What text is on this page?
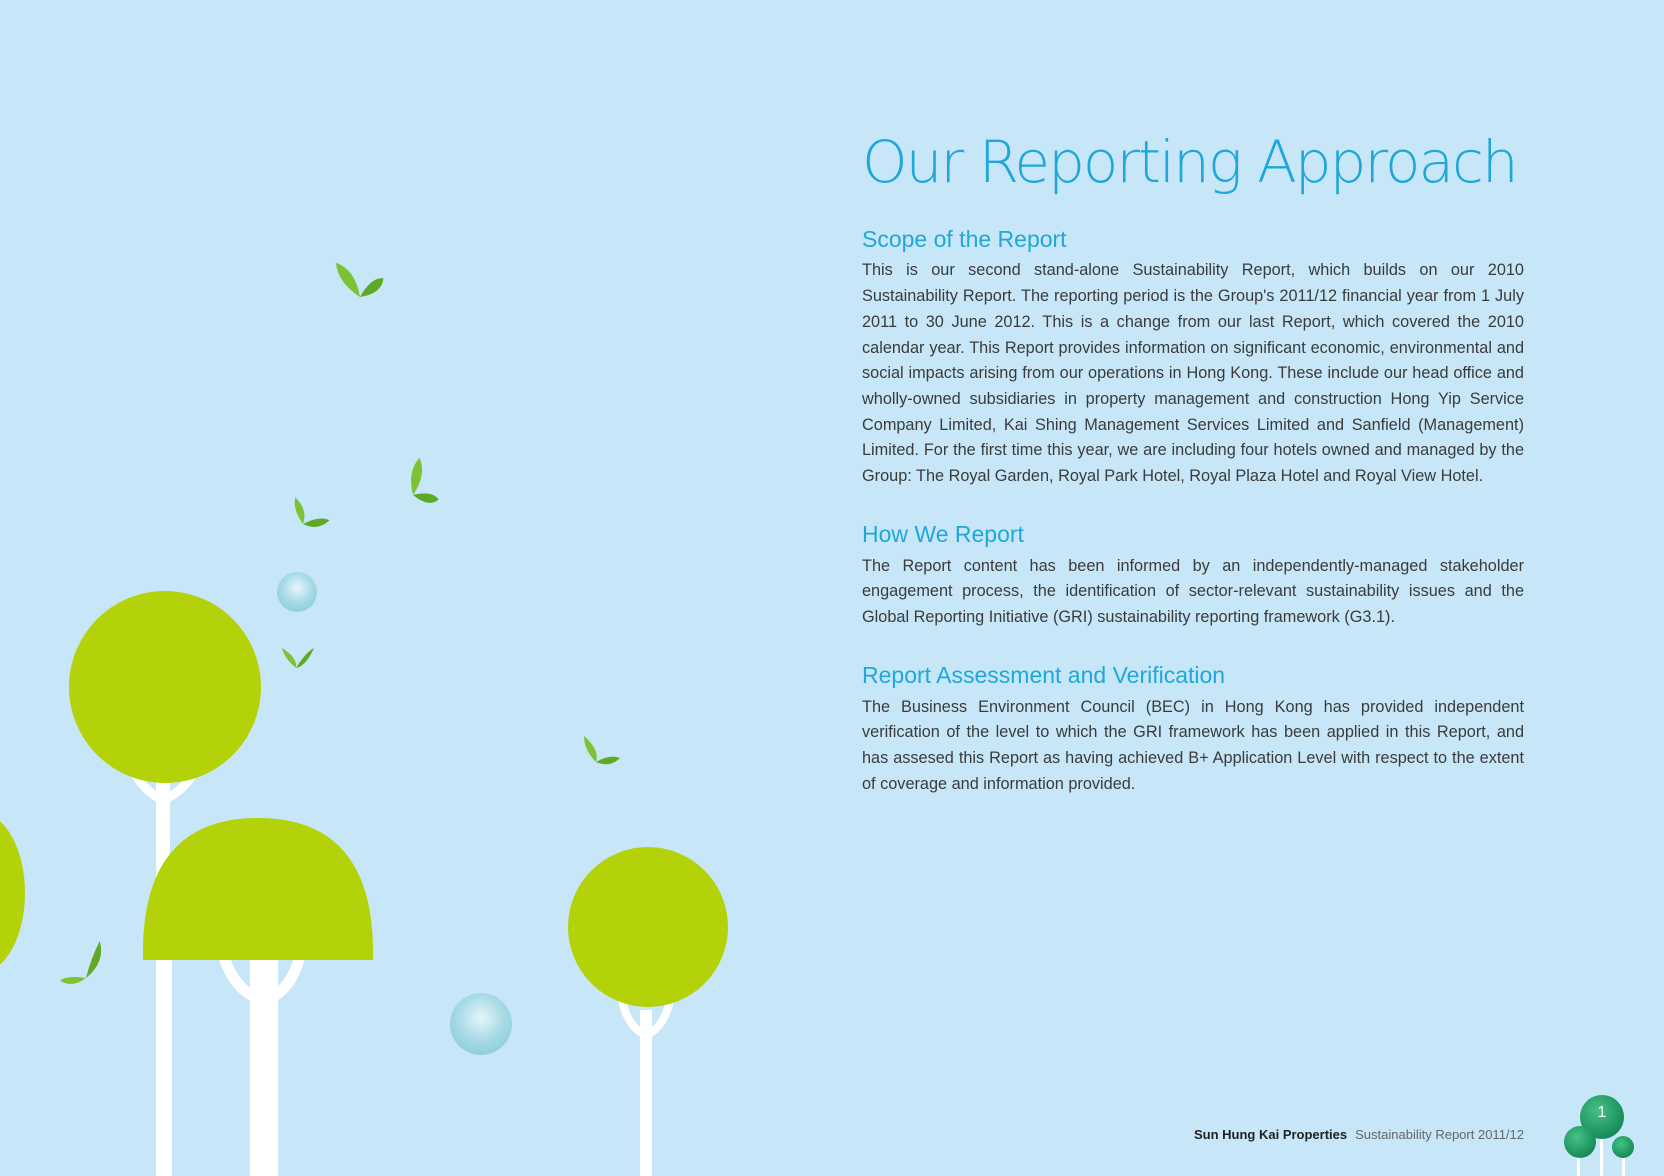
Our Reporting Approach
Scope of the Report

This is our second stand-alone Sustainability Report, which builds on our 2010 Sustainability Report. The reporting period is the Group's 2011/12 financial year from 1 July 2011 to 30 June 2012. This is a change from our last Report, which covered the 2010 calendar year. This Report provides information on significant economic, environmental and social impacts arising from our operations in Hong Kong. These include our head office and wholly-owned subsidiaries in property management and construction Hong Yip Service Company Limited, Kai Shing Management Services Limited and Sanfield (Management) Limited. For the first time this year, we are including four hotels owned and managed by the Group: The Royal Garden, Royal Park Hotel, Royal Plaza Hotel and Royal View Hotel.

How We Report

The Report content has been informed by an independently-managed stakeholder engagement process, the identification of sector-relevant sustainability issues and the Global Reporting Initiative (GRI) sustainability reporting framework (G3.1).

Report Assessment and Verification

The Business Environment Council (BEC) in Hong Kong has provided independent verification of the level to which the GRI framework has been applied in this Report, and has assesed this Report as having achieved B+ Application Level with respect to the extent of coverage and information provided.

Sun Hung Kai Properties Sustainability Report 2011/12
1
